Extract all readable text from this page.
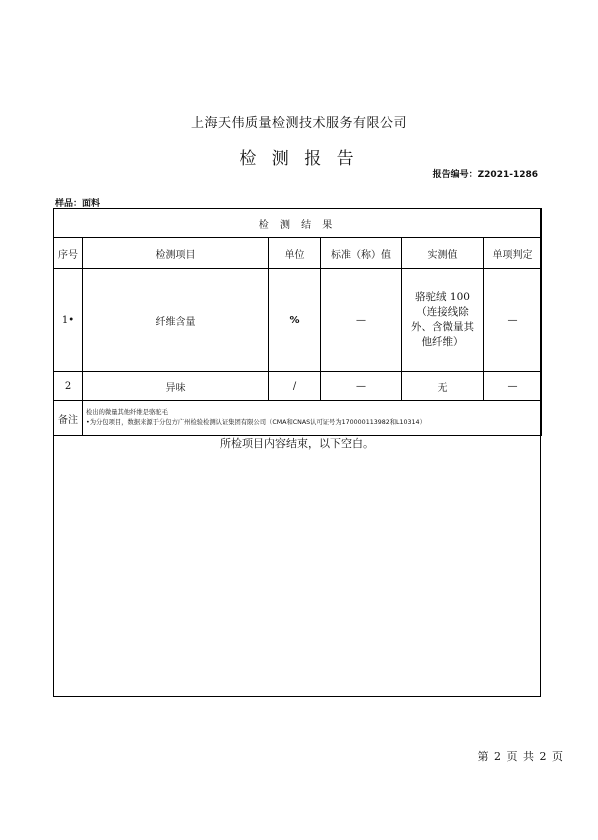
上海天伟质量检测技术服务有限公司
检 测 报 告
报告编号：Z2021-1286
样品：面料
检 测 结 果					
序号	检测项目	单位	标准（称）值	实测值	单项判定
1•	纤维含量	%	—	骆驼绒 100（连接线除外、含微量其他纤维）	—
2	异味	/	—	无	—
备注	检出的微量其他纤维是骆驼毛
•为分包项目，数据来源于分包方广州检验检测认证集团有限公司（CMA和CNAS认可证号为170000113982和L10314）				
所检项目内容结束，以下空白。
第 2 页 共 2 页
